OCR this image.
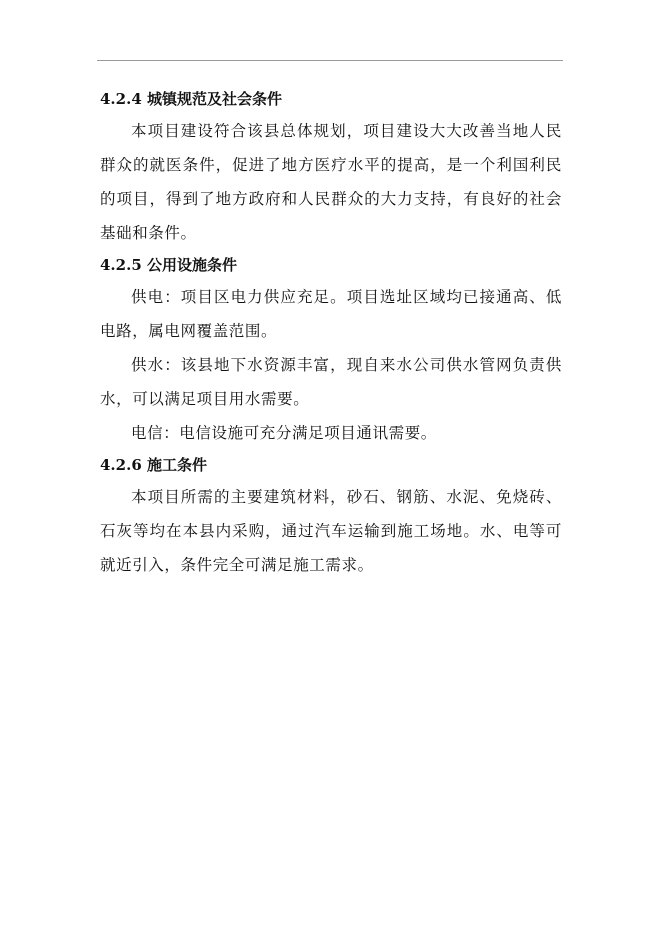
4.2.4 城镇规范及社会条件

本项目建设符合该县总体规划，项目建设大大改善当地人民群众的就医条件，促进了地方医疗水平的提高，是一个利国利民的项目，得到了地方政府和人民群众的大力支持，有良好的社会基础和条件。

4.2.5 公用设施条件

供电：项目区电力供应充足。项目选址区域均已接通高、低电路，属电网覆盖范围。

供水：该县地下水资源丰富，现自来水公司供水管网负责供水，可以满足项目用水需要。

电信：电信设施可充分满足项目通讯需要。

4.2.6 施工条件

本项目所需的主要建筑材料，砂石、钢筋、水泥、免烧砖、石灰等均在本县内采购，通过汽车运输到施工场地。水、电等可就近引入，条件完全可满足施工需求。
